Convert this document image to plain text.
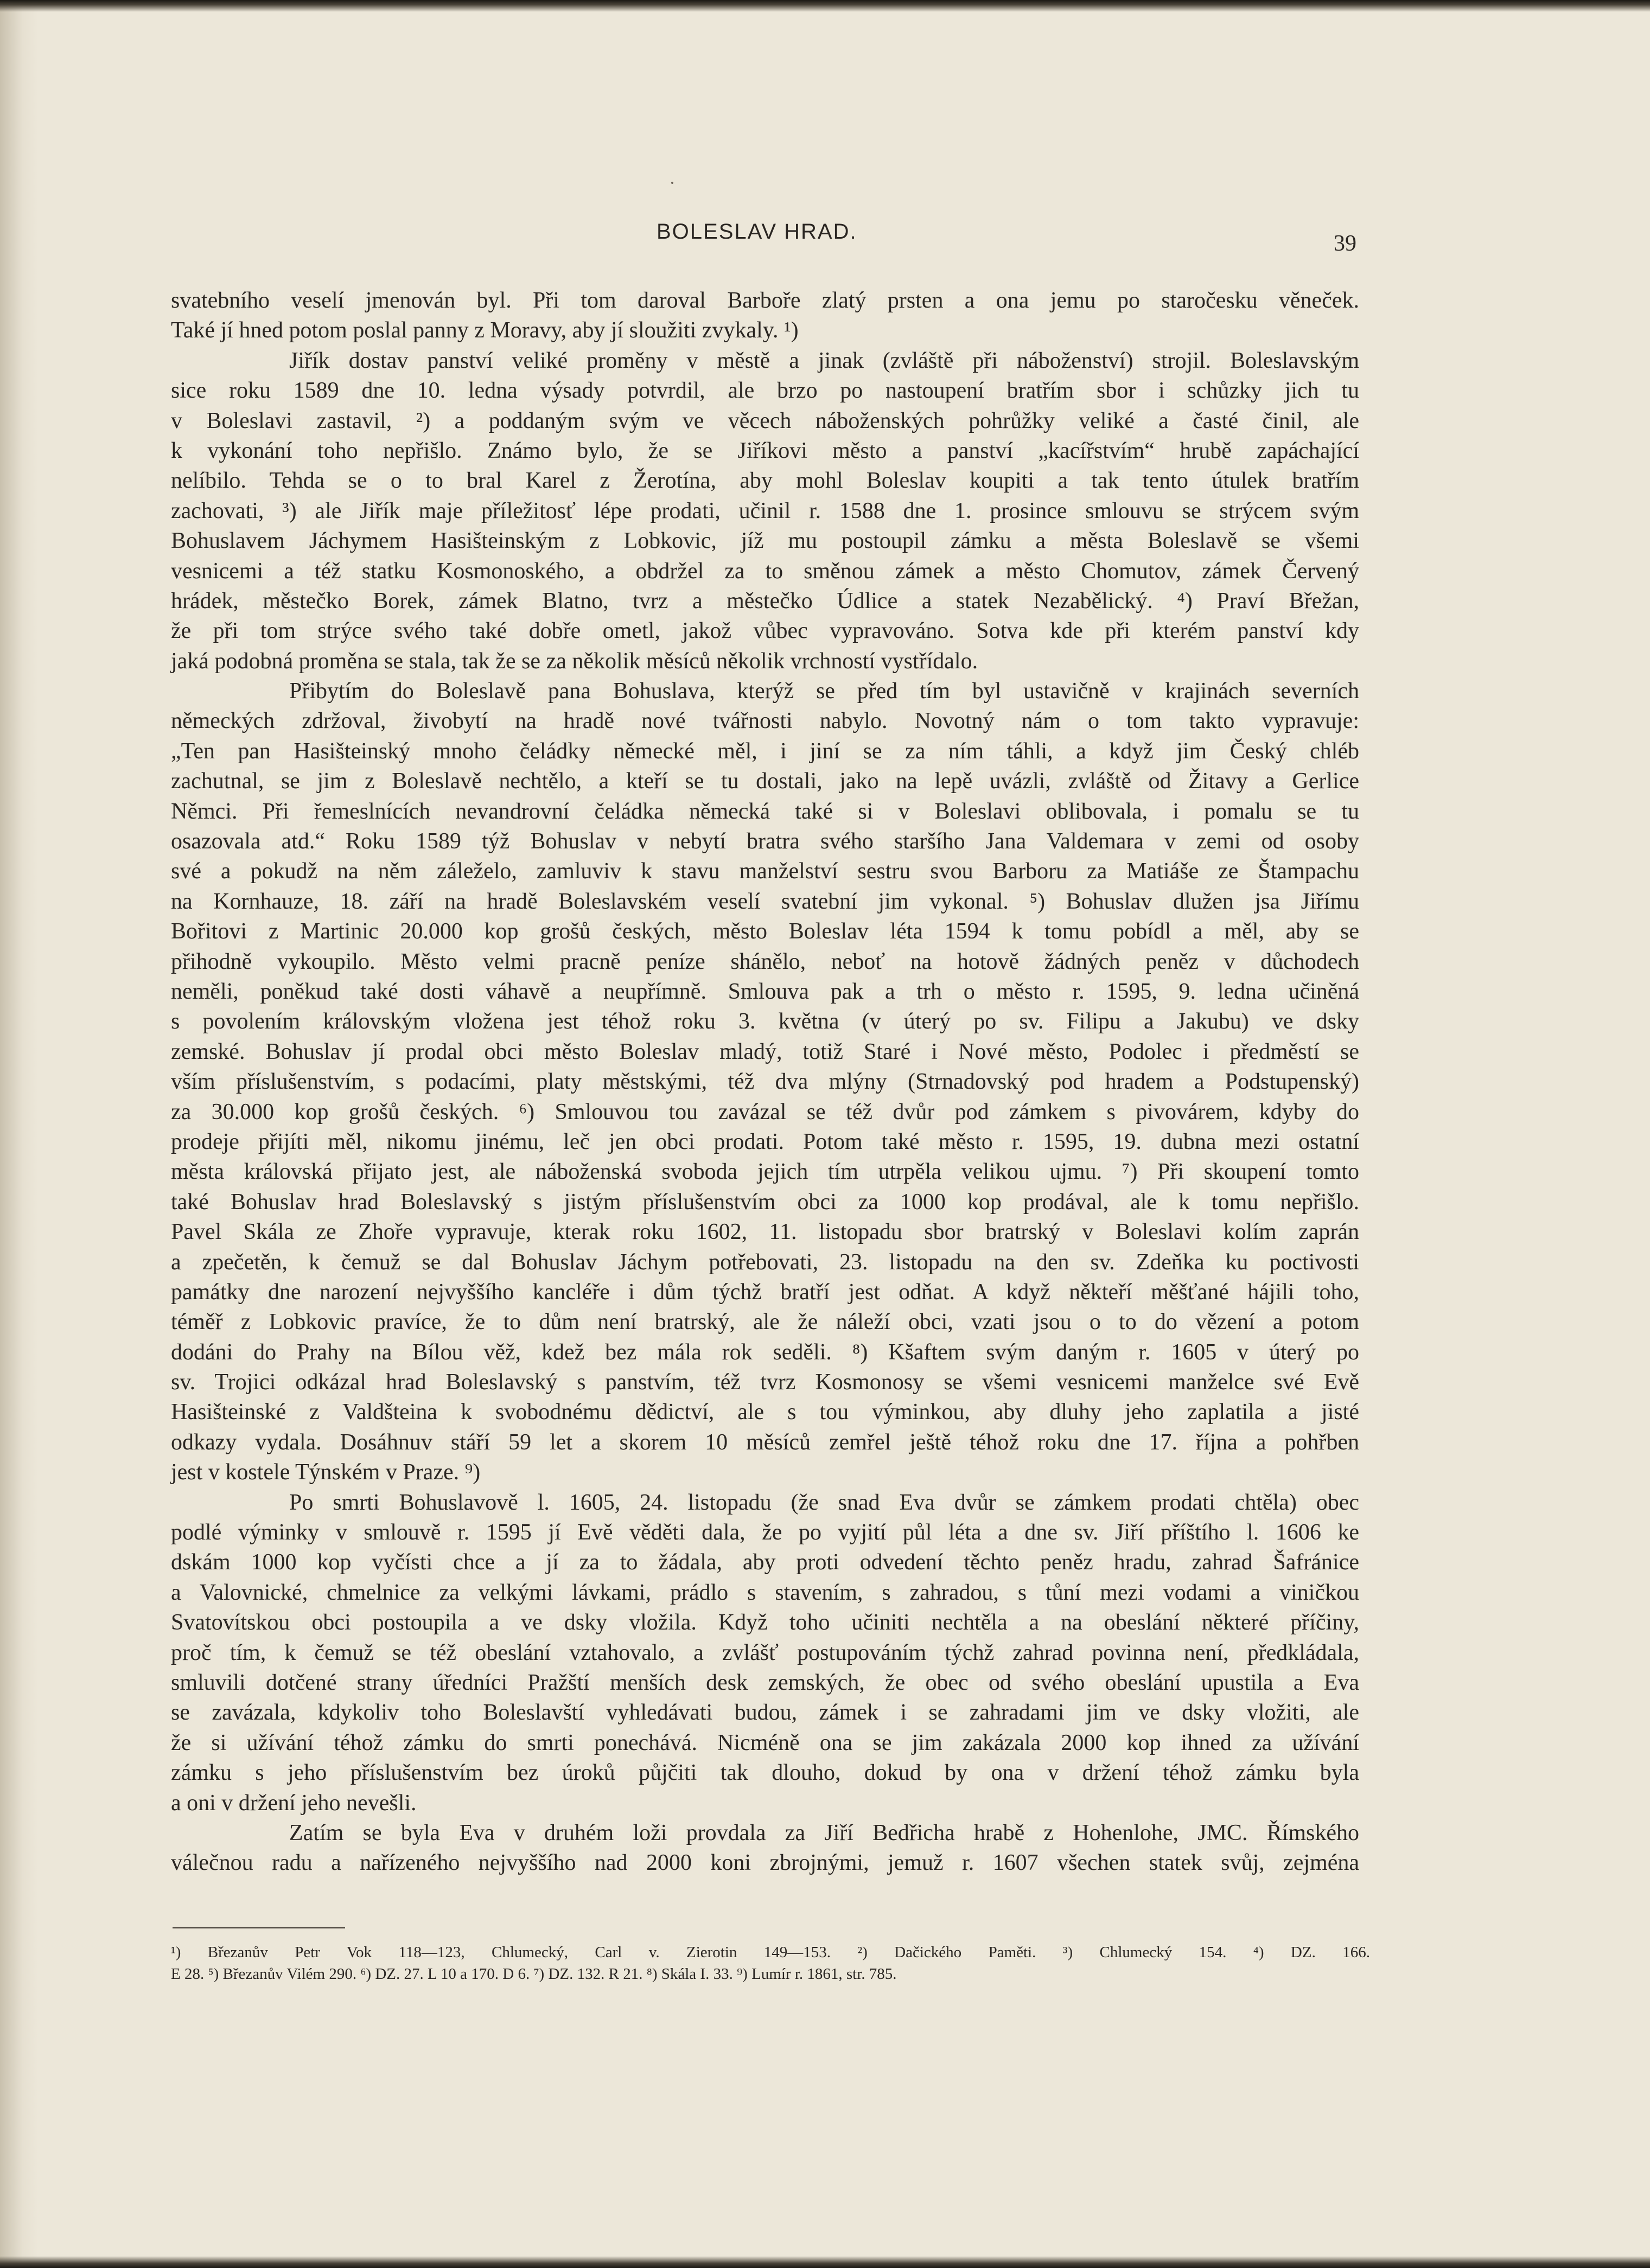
BOLESLAV HRAD.	39
svatebního veselí jmenován byl. Při tom daroval Barboře zlatý prsten a ona jemu po staročesku věneček.
Také jí hned potom poslal panny z Moravy, aby jí sloužiti zvykaly. ¹)
Jiřík dostav panství veliké proměny v městě a jinak (zvláště při náboženství) strojil. Boleslavským
sice roku 1589 dne 10. ledna výsady potvrdil, ale brzo po nastoupení bratřím sbor i schůzky jich tu
v Boleslavi zastavil, ²) a poddaným svým ve věcech náboženských pohrůžky veliké a časté činil, ale
k vykonání toho nepřišlo. Známo bylo, že se Jiříkovi město a panství „kacířstvím“ hrubě zapáchající
nelíbilo. Tehda se o to bral Karel z Žerotína, aby mohl Boleslav koupiti a tak tento útulek bratřím
zachovati, ³) ale Jiřík maje příležitosť lépe prodati, učinil r. 1588 dne 1. prosince smlouvu se strýcem svým
Bohuslavem Jáchymem Hasišteinským z Lobkovic, jíž mu postoupil zámku a města Boleslavě se všemi
vesnicemi a též statku Kosmonoského, a obdržel za to směnou zámek a město Chomutov, zámek Červený
hrádek, městečko Borek, zámek Blatno, tvrz a městečko Údlice a statek Nezabělický. ⁴) Praví Břežan,
že při tom strýce svého také dobře ometl, jakož vůbec vypravováno. Sotva kde při kterém panství kdy
jaká podobná proměna se stala, tak že se za několik měsíců několik vrchností vystřídalo.
Přibytím do Boleslavě pana Bohuslava, kterýž se před tím byl ustavičně v krajinách severních
německých zdržoval, živobytí na hradě nové tvářnosti nabylo. Novotný nám o tom takto vypravuje:
„Ten pan Hasišteinský mnoho čeládky německé měl, i jiní se za ním táhli, a když jim Český chléb
zachutnal, se jim z Boleslavě nechtělo, a kteří se tu dostali, jako na lepě uvázli, zvláště od Žitavy a Gerlice
Němci. Při řemeslnících nevandrovní čeládka německá také si v Boleslavi oblibovala, i pomalu se tu
osazovala atd.“ Roku 1589 týž Bohuslav v nebytí bratra svého staršího Jana Valdemara v zemi od osoby
své a pokudž na něm záleželo, zamluviv k stavu manželství sestru svou Barboru za Matiáše ze Štampachu
na Kornhauze, 18. září na hradě Boleslavském veselí svatební jim vykonal. ⁵) Bohuslav dlužen jsa Jiřímu
Bořitovi z Martinic 20.000 kop grošů českých, město Boleslav léta 1594 k tomu pobídl a měl, aby se
přihodně vykoupilo. Město velmi pracně peníze shánělo, neboť na hotově žádných peněz v důchodech
neměli, poněkud také dosti váhavě a neupřímně. Smlouva pak a trh o město r. 1595, 9. ledna učiněná
s povolením královským vložena jest téhož roku 3. května (v úterý po sv. Filipu a Jakubu) ve dsky
zemské. Bohuslav jí prodal obci město Boleslav mladý, totiž Staré i Nové město, Podolec i předměstí se
vším příslušenstvím, s podacími, platy městskými, též dva mlýny (Strnadovský pod hradem a Podstupenský)
za 30.000 kop grošů českých. ⁶) Smlouvou tou zavázal se též dvůr pod zámkem s pivovárem, kdyby do
prodeje přijíti měl, nikomu jinému, leč jen obci prodati. Potom také město r. 1595, 19. dubna mezi ostatní
města královská přijato jest, ale náboženská svoboda jejich tím utrpěla velikou ujmu. ⁷) Při skoupení tomto
také Bohuslav hrad Boleslavský s jistým příslušenstvím obci za 1000 kop prodával, ale k tomu nepřišlo.
Pavel Skála ze Zhoře vypravuje, kterak roku 1602, 11. listopadu sbor bratrský v Boleslavi kolím zaprán
a zpečetěn, k čemuž se dal Bohuslav Jáchym potřebovati, 23. listopadu na den sv. Zdeňka ku poctivosti
památky dne narození nejvyššího kancléře i dům týchž bratří jest odňat. A když někteří měšťané hájili toho,
téměř z Lobkovic pravíce, že to dům není bratrský, ale že náleží obci, vzati jsou o to do vězení a potom
dodáni do Prahy na Bílou věž, kdež bez mála rok seděli. ⁸) Kšaftem svým daným r. 1605 v úterý po
sv. Trojici odkázal hrad Boleslavský s panstvím, též tvrz Kosmonosy se všemi vesnicemi manželce své Evě
Hasišteinské z Valdšteina k svobodnému dědictví, ale s tou výminkou, aby dluhy jeho zaplatila a jisté
odkazy vydala. Dosáhnuv stáří 59 let a skorem 10 měsíců zemřel ještě téhož roku dne 17. října a pohřben
jest v kostele Týnském v Praze. ⁹)
Po smrti Bohuslavově l. 1605, 24. listopadu (že snad Eva dvůr se zámkem prodati chtěla) obec
podlé výminky v smlouvě r. 1595 jí Evě věděti dala, že po vyjití půl léta a dne sv. Jiří příštího l. 1606 ke
dskám 1000 kop vyčísti chce a jí za to žádala, aby proti odvedení těchto peněz hradu, zahrad Šafránice
a Valovnické, chmelnice za velkými lávkami, prádlo s stavením, s zahradou, s tůní mezi vodami a viničkou
Svatovítskou obci postoupila a ve dsky vložila. Když toho učiniti nechtěla a na obeslání některé příčiny,
proč tím, k čemuž se též obeslání vztahovalo, a zvlášť postupováním týchž zahrad povinna není, předkládala,
smluvili dotčené strany úředníci Pražští menších desk zemských, že obec od svého obeslání upustila a Eva
se zavázala, kdykoliv toho Boleslavští vyhledávati budou, zámek i se zahradami jim ve dsky vložiti, ale
že si užívání téhož zámku do smrti ponechává. Nicméně ona se jim zakázala 2000 kop ihned za užívání
zámku s jeho příslušenstvím bez úroků půjčiti tak dlouho, dokud by ona v držení téhož zámku byla
a oni v držení jeho nevešli.
Zatím se byla Eva v druhém loži provdala za Jiří Bedřicha hrabě z Hohenlohe, JMC. Římského
válečnou radu a nařízeného nejvyššího nad 2000 koni zbrojnými, jemuž r. 1607 všechen statek svůj, zejména
¹) Březanův Petr Vok 118—123, Chlumecký, Carl v. Zierotin 149—153. ²) Dačického Paměti. ³) Chlumecký 154. ⁴) DZ. 166.
E 28. ⁵) Březanův Vilém 290. ⁶) DZ. 27. L 10 a 170. D 6. ⁷) DZ. 132. R 21. ⁸) Skála I. 33. ⁹) Lumír r. 1861, str. 785.
